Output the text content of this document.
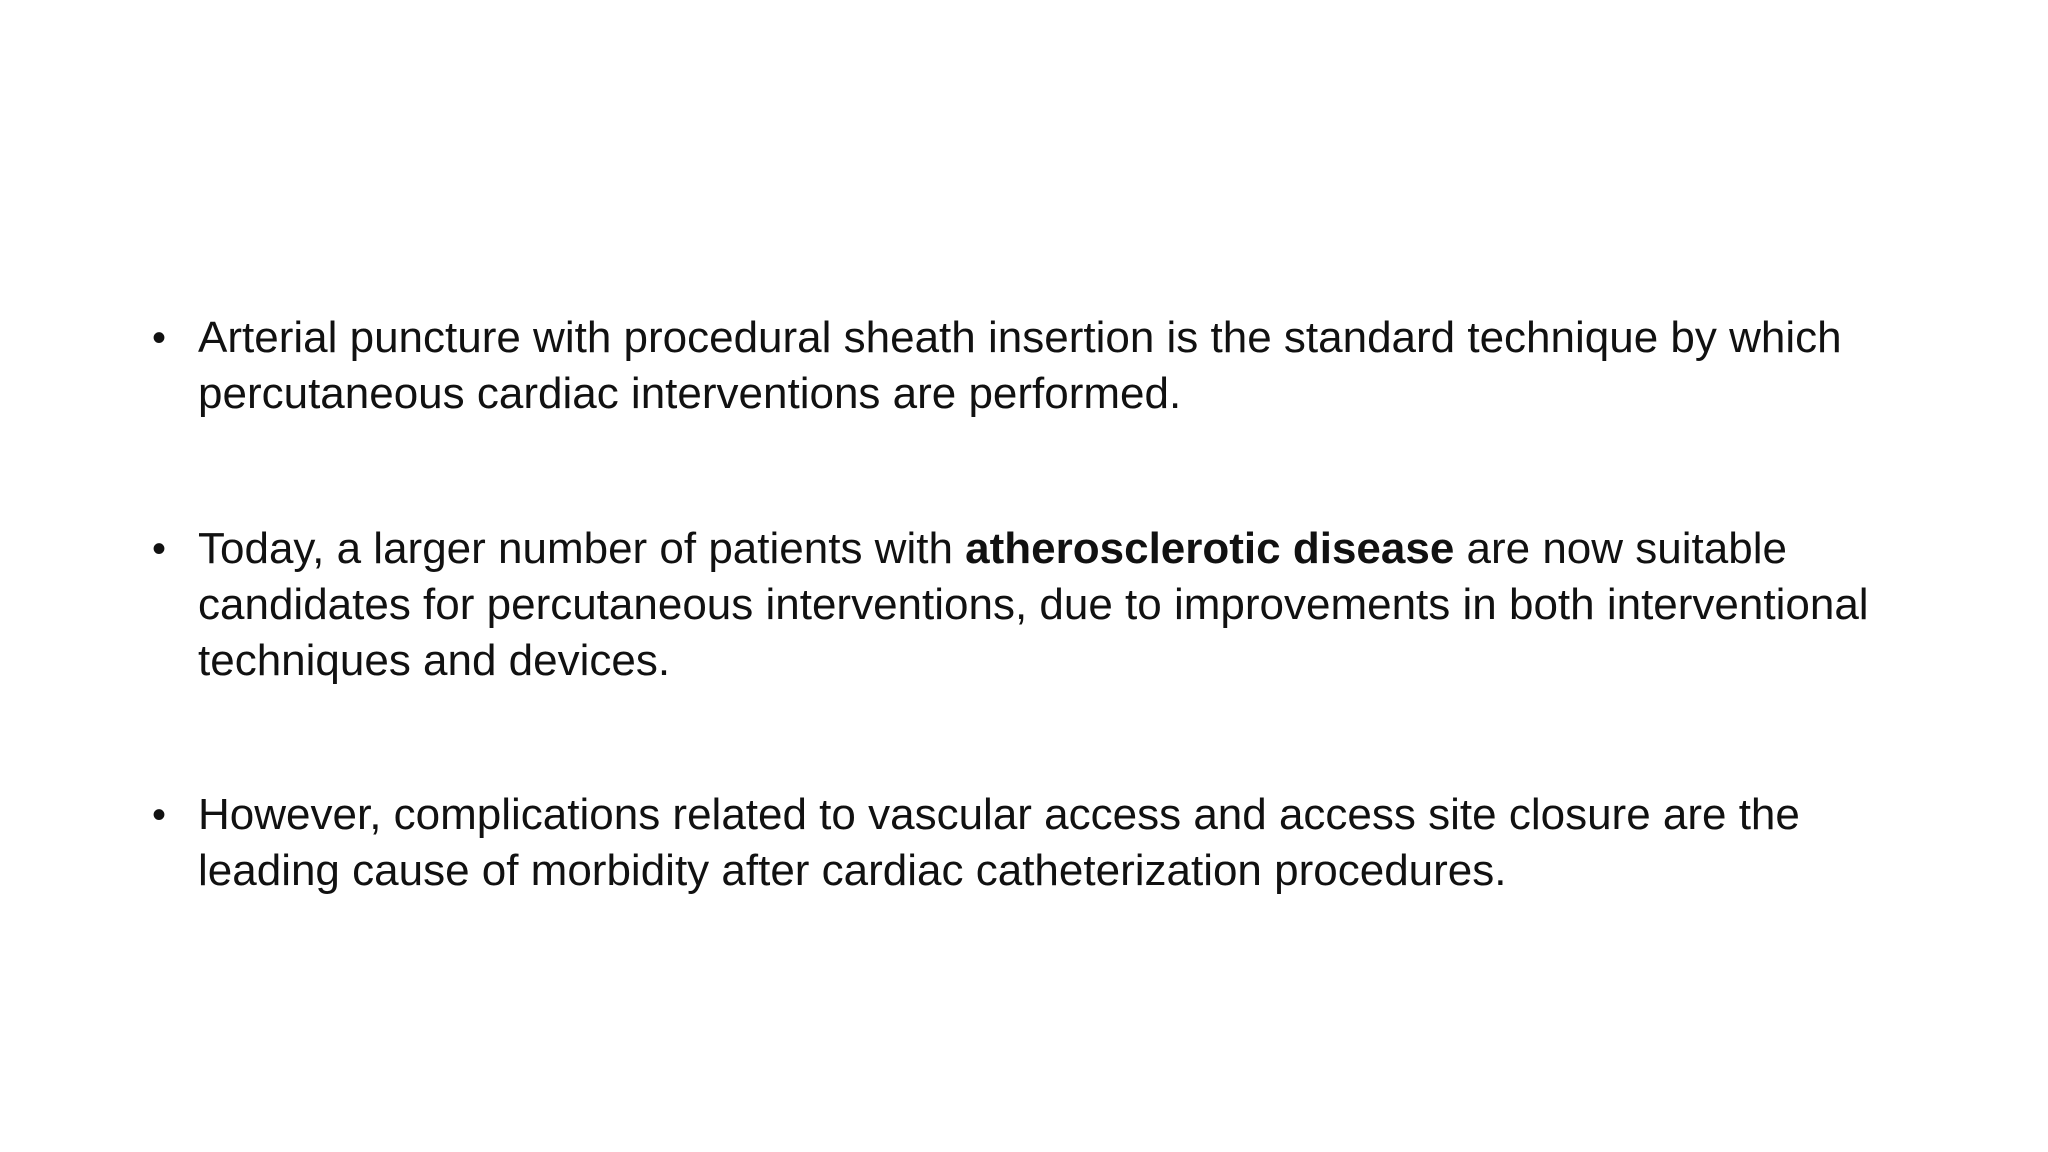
• Arterial puncture with procedural sheath insertion is the standard technique by which percutaneous cardiac interventions are performed.
• Today, a larger number of patients with atherosclerotic disease are now suitable candidates for percutaneous interventions, due to improvements in both interventional techniques and devices.
• However, complications related to vascular access and access site closure are the leading cause of morbidity after cardiac catheterization procedures.
